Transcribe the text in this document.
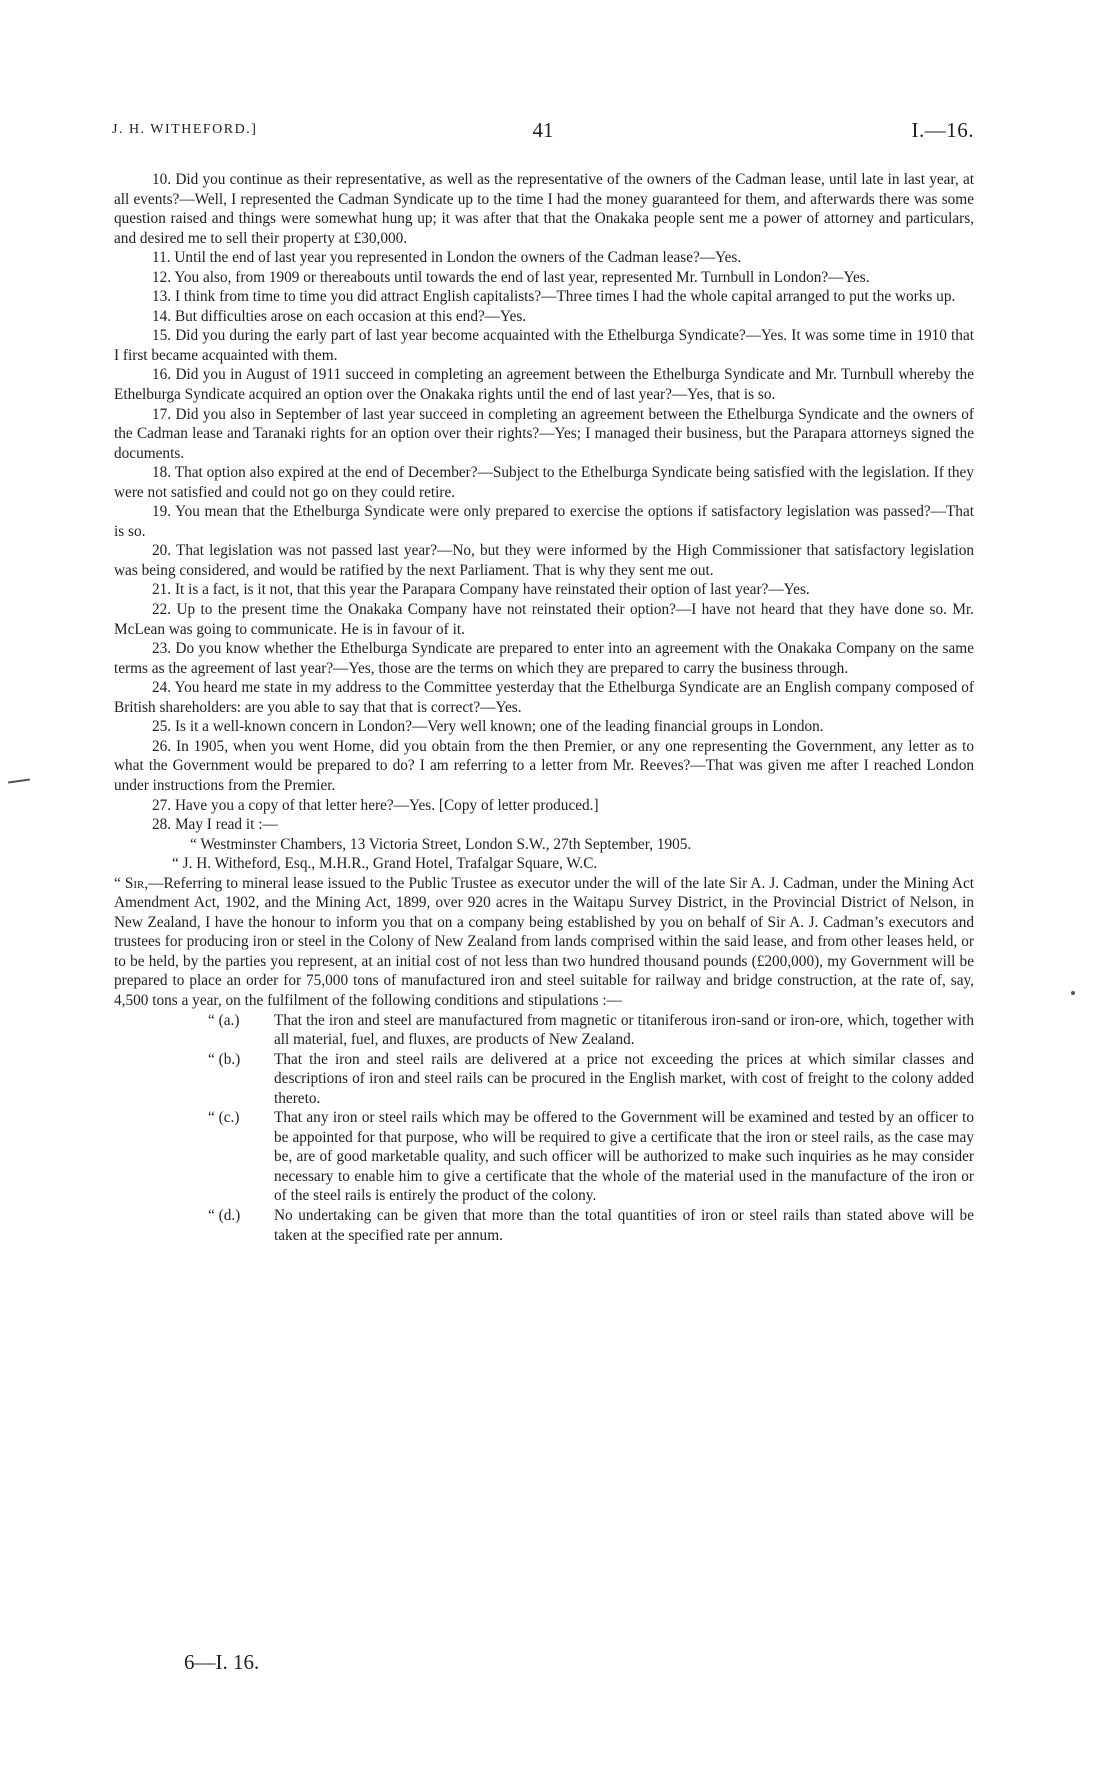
J. H. WITHEFORD.]	41	I.—16.

10. Did you continue as their representative, as well as the representative of the owners of the Cadman lease, until late in last year, at all events?—Well, I represented the Cadman Syndicate up to the time I had the money guaranteed for them, and afterwards there was some question raised and things were somewhat hung up; it was after that that the Onakaka people sent me a power of attorney and particulars, and desired me to sell their property at £30,000.

11. Until the end of last year you represented in London the owners of the Cadman lease?—Yes.

12. You also, from 1909 or thereabouts until towards the end of last year, represented Mr. Turnbull in London?—Yes.

13. I think from time to time you did attract English capitalists?—Three times I had the whole capital arranged to put the works up.

14. But difficulties arose on each occasion at this end?—Yes.

15. Did you during the early part of last year become acquainted with the Ethelburga Syndicate?—Yes. It was some time in 1910 that I first became acquainted with them.

16. Did you in August of 1911 succeed in completing an agreement between the Ethelburga Syndicate and Mr. Turnbull whereby the Ethelburga Syndicate acquired an option over the Onakaka rights until the end of last year?—Yes, that is so.

17. Did you also in September of last year succeed in completing an agreement between the Ethelburga Syndicate and the owners of the Cadman lease and Taranaki rights for an option over their rights?—Yes; I managed their business, but the Parapara attorneys signed the documents.

18. That option also expired at the end of December?—Subject to the Ethelburga Syndicate being satisfied with the legislation. If they were not satisfied and could not go on they could retire.

19. You mean that the Ethelburga Syndicate were only prepared to exercise the options if satisfactory legislation was passed?—That is so.

20. That legislation was not passed last year?—No, but they were informed by the High Commissioner that satisfactory legislation was being considered, and would be ratified by the next Parliament. That is why they sent me out.

21. It is a fact, is it not, that this year the Parapara Company have reinstated their option of last year?—Yes.

22. Up to the present time the Onakaka Company have not reinstated their option?—I have not heard that they have done so. Mr. McLean was going to communicate. He is in favour of it.

23. Do you know whether the Ethelburga Syndicate are prepared to enter into an agreement with the Onakaka Company on the same terms as the agreement of last year?—Yes, those are the terms on which they are prepared to carry the business through.

24. You heard me state in my address to the Committee yesterday that the Ethelburga Syndicate are an English company composed of British shareholders: are you able to say that that is correct?—Yes.

25. Is it a well-known concern in London?—Very well known; one of the leading financial groups in London.

26. In 1905, when you went Home, did you obtain from the then Premier, or any one representing the Government, any letter as to what the Government would be prepared to do? I am referring to a letter from Mr. Reeves?—That was given me after I reached London under instructions from the Premier.

27. Have you a copy of that letter here?—Yes. [Copy of letter produced.]

28. May I read it :—

“ Westminster Chambers, 13 Victoria Street, London S.W., 27th September, 1905.

“ J. H. Witheford, Esq., M.H.R., Grand Hotel, Trafalgar Square, W.C.

“ Sir,—Referring to mineral lease issued to the Public Trustee as executor under the will of the late Sir A. J. Cadman, under the Mining Act Amendment Act, 1902, and the Mining Act, 1899, over 920 acres in the Waitapu Survey District, in the Provincial District of Nelson, in New Zealand, I have the honour to inform you that on a company being established by you on behalf of Sir A. J. Cadman’s executors and trustees for producing iron or steel in the Colony of New Zealand from lands comprised within the said lease, and from other leases held, or to be held, by the parties you represent, at an initial cost of not less than two hundred thousand pounds (£200,000), my Government will be prepared to place an order for 75,000 tons of manufactured iron and steel suitable for railway and bridge construction, at the rate of, say, 4,500 tons a year, on the fulfilment of the following conditions and stipulations :—

“ (a.) That the iron and steel are manufactured from magnetic or titaniferous iron-sand or iron-ore, which, together with all material, fuel, and fluxes, are products of New Zealand.

“ (b.) That the iron and steel rails are delivered at a price not exceeding the prices at which similar classes and descriptions of iron and steel rails can be procured in the English market, with cost of freight to the colony added thereto.

“ (c.) That any iron or steel rails which may be offered to the Government will be examined and tested by an officer to be appointed for that purpose, who will be required to give a certificate that the iron or steel rails, as the case may be, are of good marketable quality, and such officer will be authorized to make such inquiries as he may consider necessary to enable him to give a certificate that the whole of the material used in the manufacture of the iron or of the steel rails is entirely the product of the colony.

“ (d.) No undertaking can be given that more than the total quantities of iron or steel rails than stated above will be taken at the specified rate per annum.

6—I. 16.
